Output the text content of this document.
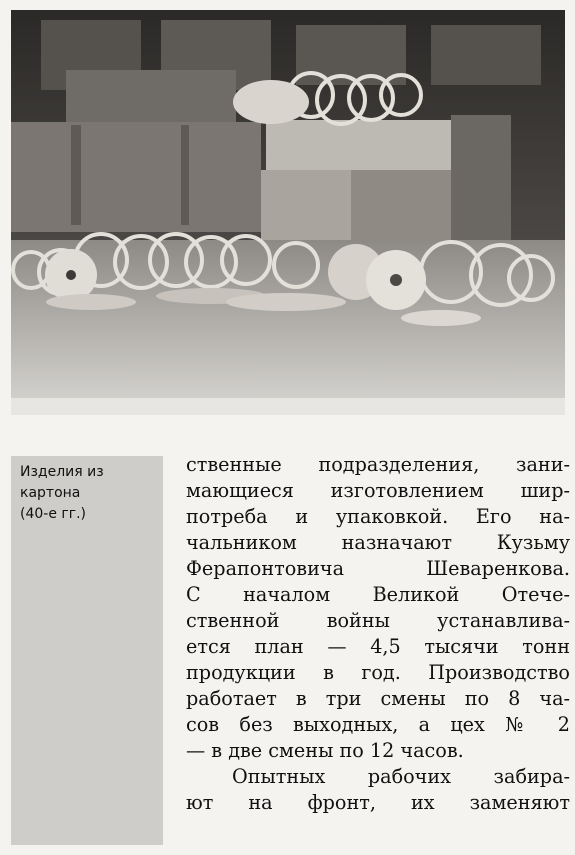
Изделия из
картона
(40-е гг.)
ственные подразделения, зани-
мающиеся изготовлением шир-
потреба и упаковкой. Его на-
чальником назначают Кузьму
Ферапонтовича Шеваренкова.
С началом Великой Отече-
ственной войны устанавлива-
ется план — 4,5 тысячи тонн
продукции в год. Производство
работает в три смены по 8 ча-
сов без выходных, а цех № 2
— в две смены по 12 часов.
Опытных рабочих забира-
ют на фронт, их заменяют
